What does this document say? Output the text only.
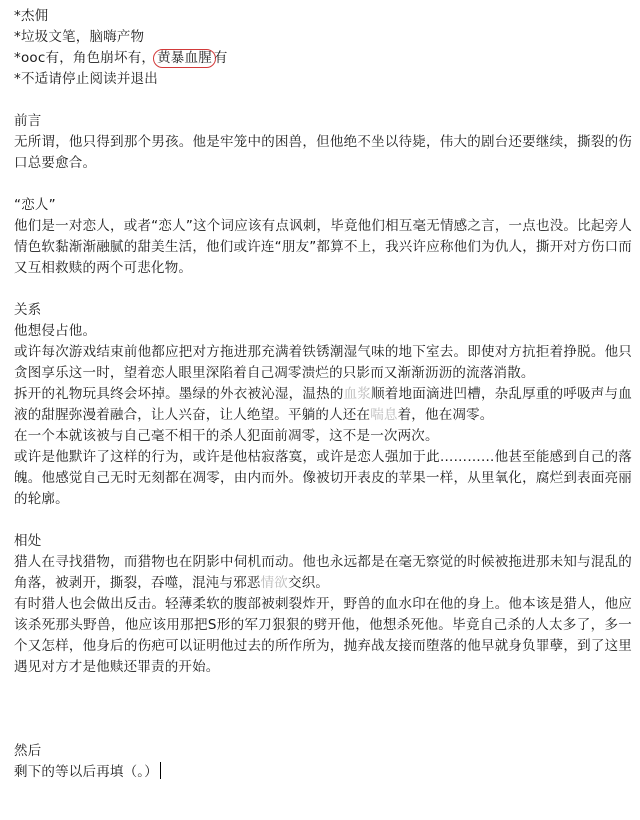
*杰佣
*垃圾文笔，脑嗨产物
*ooc有，角色崩坏有， 黄暴血腥 有
*不适请停止阅读并退出
前言
无所谓，他只得到那个男孩。他是牢笼中的困兽，但他绝不坐以待毙，伟大的剧台还要继续，撕裂的伤口总要愈合。
“恋人”
他们是一对恋人，或者“恋人”这个词应该有点讽刺，毕竟他们相互毫无情感之言，一点也没。比起旁人情色软黏渐渐融腻的甜美生活，他们或许连“朋友”都算不上，我兴许应称他们为仇人，撕开对方伤口而又互相救赎的两个可悲化物。
关系
他想侵占他。
或许每次游戏结束前他都应把对方拖进那充满着铁锈潮湿气味的地下室去。即使对方抗拒着挣脱。他只贪图享乐这一时，望着恋人眼里深陷着自己凋零溃烂的只影而又渐渐沥沥的流落消散。
拆开的礼物玩具终会坏掉。墨绿的外衣被沁湿，温热的血浆顺着地面滴进凹槽，杂乱厚重的呼吸声与血液的甜腥弥漫着融合，让人兴奋，让人绝望。平躺的人还在喘息着，他在凋零。
在一个本就该被与自己毫不相干的杀人犯面前凋零，这不是一次两次。
或许是他默许了这样的行为，或许是他枯寂落寞，或许是恋人强加于此…………他甚至能感到自己的落魄。他感觉自己无时无刻都在凋零，由内而外。像被切开表皮的苹果一样，从里氧化，腐烂到表面亮丽的轮廓。
相处
猎人在寻找猎物，而猎物也在阴影中伺机而动。他也永远都是在毫无察觉的时候被拖进那未知与混乱的角落，被剥开，撕裂，吞噬，混沌与邪恶情欲交织。
有时猎人也会做出反击。轻薄柔软的腹部被刺裂炸开，野兽的血水印在他的身上。他本该是猎人，他应该杀死那头野兽，他应该用那把S形的军刀狠狠的劈开他，他想杀死他。毕竟自己杀的人太多了，多一个又怎样，他身后的伤疤可以证明他过去的所作所为，抛弃战友接而堕落的他早就身负罪孽，到了这里遇见对方才是他赎还罪责的开始。
然后
剩下的等以后再填（。）
